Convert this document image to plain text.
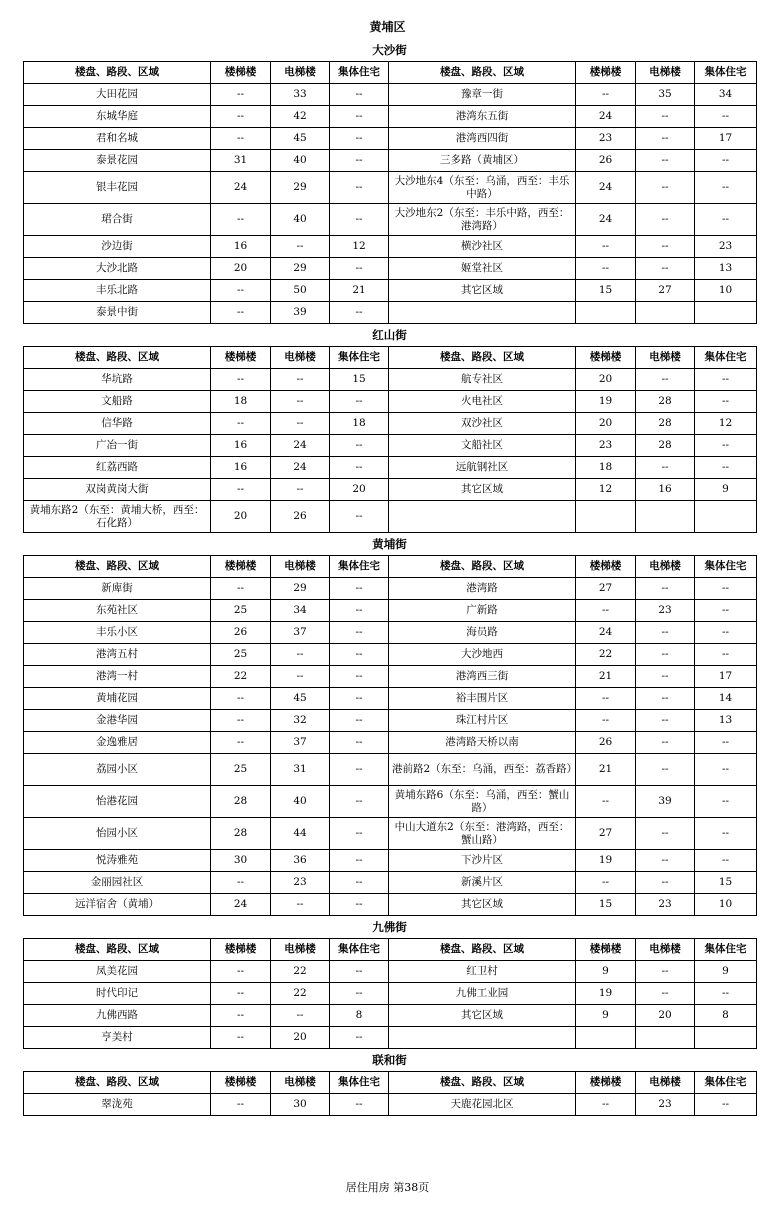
黄埔区
大沙街
楼盘、路段、区域	楼梯楼	电梯楼	集体住宅	楼盘、路段、区域	楼梯楼	电梯楼	集体住宅
大田花园	--	33	--	豫章一街	--	35	34
东城华庭	--	42	--	港湾东五街	24	--	--
君和名城	--	45	--	港湾西四街	23	--	17
泰景花园	31	40	--	三多路（黄埔区）	26	--	--
银丰花园	24	29	--	大沙地东4（东至：乌涌，西至：丰乐中路）	24	--	--
珺合街	--	40	--	大沙地东2（东至：丰乐中路，西至：港湾路）	24	--	--
沙边街	16	--	12	横沙社区	--	--	23
大沙北路	20	29	--	姬堂社区	--	--	13
丰乐北路	--	50	21	其它区域	15	27	10
泰景中街	--	39	--				
红山街
楼盘、路段、区域	楼梯楼	电梯楼	集体住宅	楼盘、路段、区域	楼梯楼	电梯楼	集体住宅
华坑路	--	--	15	航专社区	20	--	--
文船路	18	--	--	火电社区	19	28	--
信华路	--	--	18	双沙社区	20	28	12
广冶一街	16	24	--	文船社区	23	28	--
红荔西路	16	24	--	远航钢社区	18	--	--
双岗黄岗大街	--	--	20	其它区域	12	16	9
黄埔东路2（东至：黄埔大桥，西至：石化路）	20	26	--				
黄埔街
楼盘、路段、区域	楼梯楼	电梯楼	集体住宅	楼盘、路段、区域	楼梯楼	电梯楼	集体住宅
新庳街	--	29	--	港湾路	27	--	--
东苑社区	25	34	--	广新路	--	23	--
丰乐小区	26	37	--	海员路	24	--	--
港湾五村	25	--	--	大沙地西	22	--	--
港湾一村	22	--	--	港湾西三街	21	--	17
黄埔花园	--	45	--	裕丰围片区	--	--	14
金港华园	--	32	--	珠江村片区	--	--	13
金逸雅居	--	37	--	港湾路天桥以南	26	--	--
荔园小区	25	31	--	港前路2（东至：乌涌，西至：荔香路）	21	--	--
怡港花园	28	40	--	黄埔东路6（东至：乌涌，西至：蟹山路）	--	39	--
怡园小区	28	44	--	中山大道东2（东至：港湾路，西至：蟹山路）	27	--	--
悦涛雅苑	30	36	--	下沙片区	19	--	--
金丽园社区	--	23	--	新溪片区	--	--	15
远洋宿舍（黄埔）	24	--	--	其它区域	15	23	10
九佛街
楼盘、路段、区域	楼梯楼	电梯楼	集体住宅	楼盘、路段、区域	楼梯楼	电梯楼	集体住宅
凤美花园	--	22	--	红卫村	9	--	9
时代印记	--	22	--	九佛工业园	19	--	--
九佛西路	--	--	8	其它区域	9	20	8
亨美村	--	20	--				
联和街
楼盘、路段、区域	楼梯楼	电梯楼	集体住宅	楼盘、路段、区域	楼梯楼	电梯楼	集体住宅
翠泷苑	--	30	--	天鹿花园北区	--	23	--
居住用房 第38页
